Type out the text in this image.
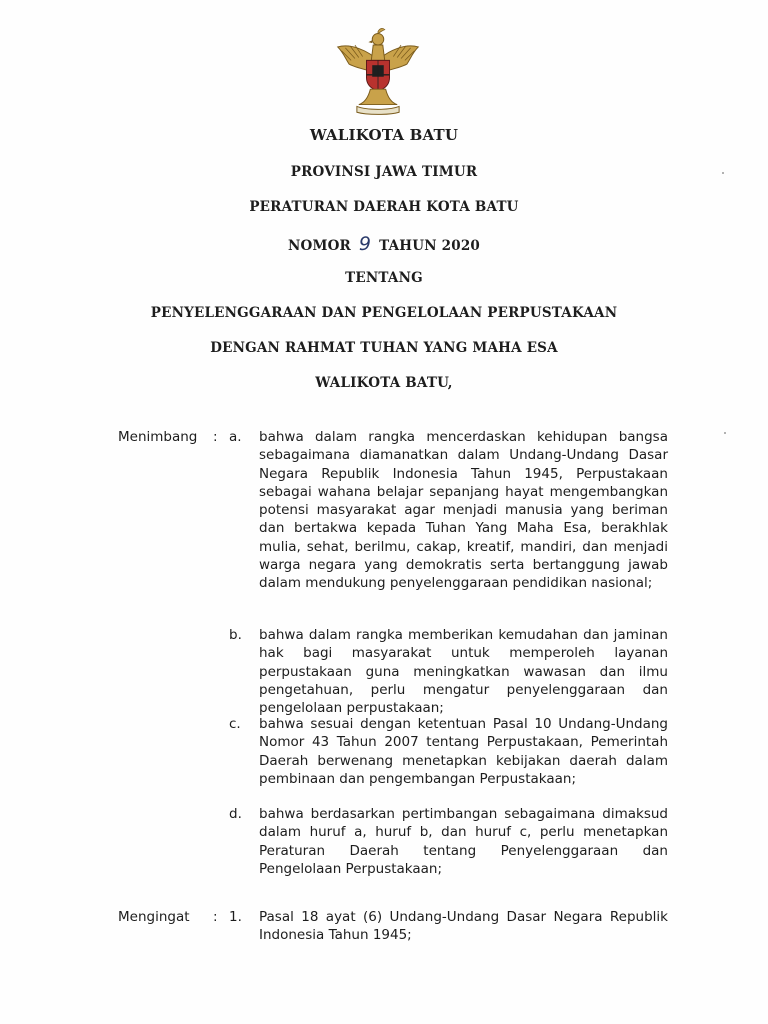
WALIKOTA BATU
PROVINSI JAWA TIMUR
PERATURAN DAERAH KOTA BATU
NOMOR 9 TAHUN 2020
TENTANG
PENYELENGGARAAN DAN PENGELOLAAN PERPUSTAKAAN
DENGAN RAHMAT TUHAN YANG MAHA ESA
WALIKOTA BATU,
Menimbang : a. bahwa dalam rangka mencerdaskan kehidupan bangsa sebagaimana diamanatkan dalam Undang-Undang Dasar Negara Republik Indonesia Tahun 1945, Perpustakaan sebagai wahana belajar sepanjang hayat mengembangkan potensi masyarakat agar menjadi manusia yang beriman dan bertakwa kepada Tuhan Yang Maha Esa, berakhlak mulia, sehat, berilmu, cakap, kreatif, mandiri, dan menjadi warga negara yang demokratis serta bertanggung jawab dalam mendukung penyelenggaraan pendidikan nasional;

b. bahwa dalam rangka memberikan kemudahan dan jaminan hak bagi masyarakat untuk memperoleh layanan perpustakaan guna meningkatkan wawasan dan ilmu pengetahuan, perlu mengatur penyelenggaraan dan pengelolaan perpustakaan;

c. bahwa sesuai dengan ketentuan Pasal 10 Undang-Undang Nomor 43 Tahun 2007 tentang Perpustakaan, Pemerintah Daerah berwenang menetapkan kebijakan daerah dalam pembinaan dan pengembangan Perpustakaan;

d. bahwa berdasarkan pertimbangan sebagaimana dimaksud dalam huruf a, huruf b, dan huruf c, perlu menetapkan Peraturan Daerah tentang Penyelenggaraan dan Pengelolaan Perpustakaan;

Mengingat : 1. Pasal 18 ayat (6) Undang-Undang Dasar Negara Republik Indonesia Tahun 1945;
